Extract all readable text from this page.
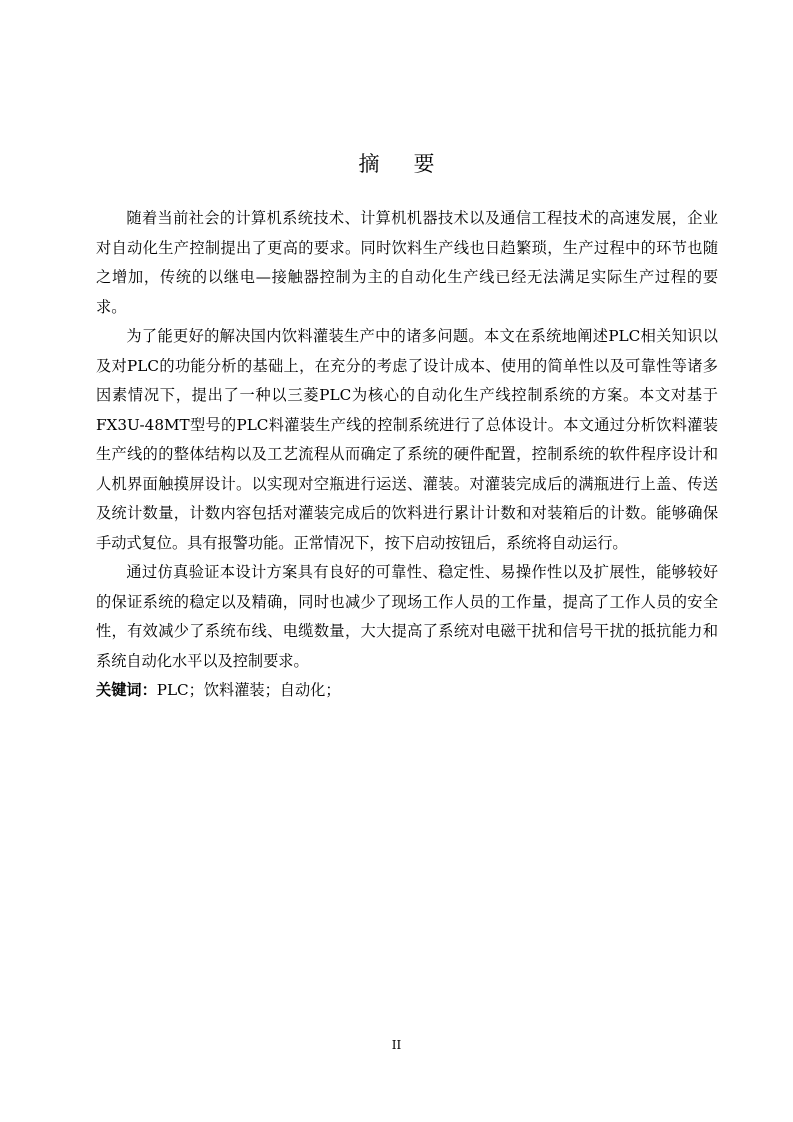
摘要

随着当前社会的计算机系统技术、计算机机器技术以及通信工程技术的高速发展，企业对自动化生产控制提出了更高的要求。同时饮料生产线也日趋繁琐，生产过程中的环节也随之增加，传统的以继电—接触器控制为主的自动化生产线已经无法满足实际生产过程的要求。

为了能更好的解决国内饮料灌装生产中的诸多问题。本文在系统地阐述PLC相关知识以及对PLC的功能分析的基础上，在充分的考虑了设计成本、使用的简单性以及可靠性等诸多因素情况下，提出了一种以三菱PLC为核心的自动化生产线控制系统的方案。本文对基于FX3U-48MT型号的PLC料灌装生产线的控制系统进行了总体设计。本文通过分析饮料灌装生产线的的整体结构以及工艺流程从而确定了系统的硬件配置，控制系统的软件程序设计和人机界面触摸屏设计。以实现对空瓶进行运送、灌装。对灌装完成后的满瓶进行上盖、传送及统计数量，计数内容包括对灌装完成后的饮料进行累计计数和对装箱后的计数。能够确保手动式复位。具有报警功能。正常情况下，按下启动按钮后，系统将自动运行。

通过仿真验证本设计方案具有良好的可靠性、稳定性、易操作性以及扩展性，能够较好的保证系统的稳定以及精确，同时也减少了现场工作人员的工作量，提高了工作人员的安全性，有效减少了系统布线、电缆数量，大大提高了系统对电磁干扰和信号干扰的抵抗能力和系统自动化水平以及控制要求。

关键词：PLC；饮料灌装；自动化；

II
